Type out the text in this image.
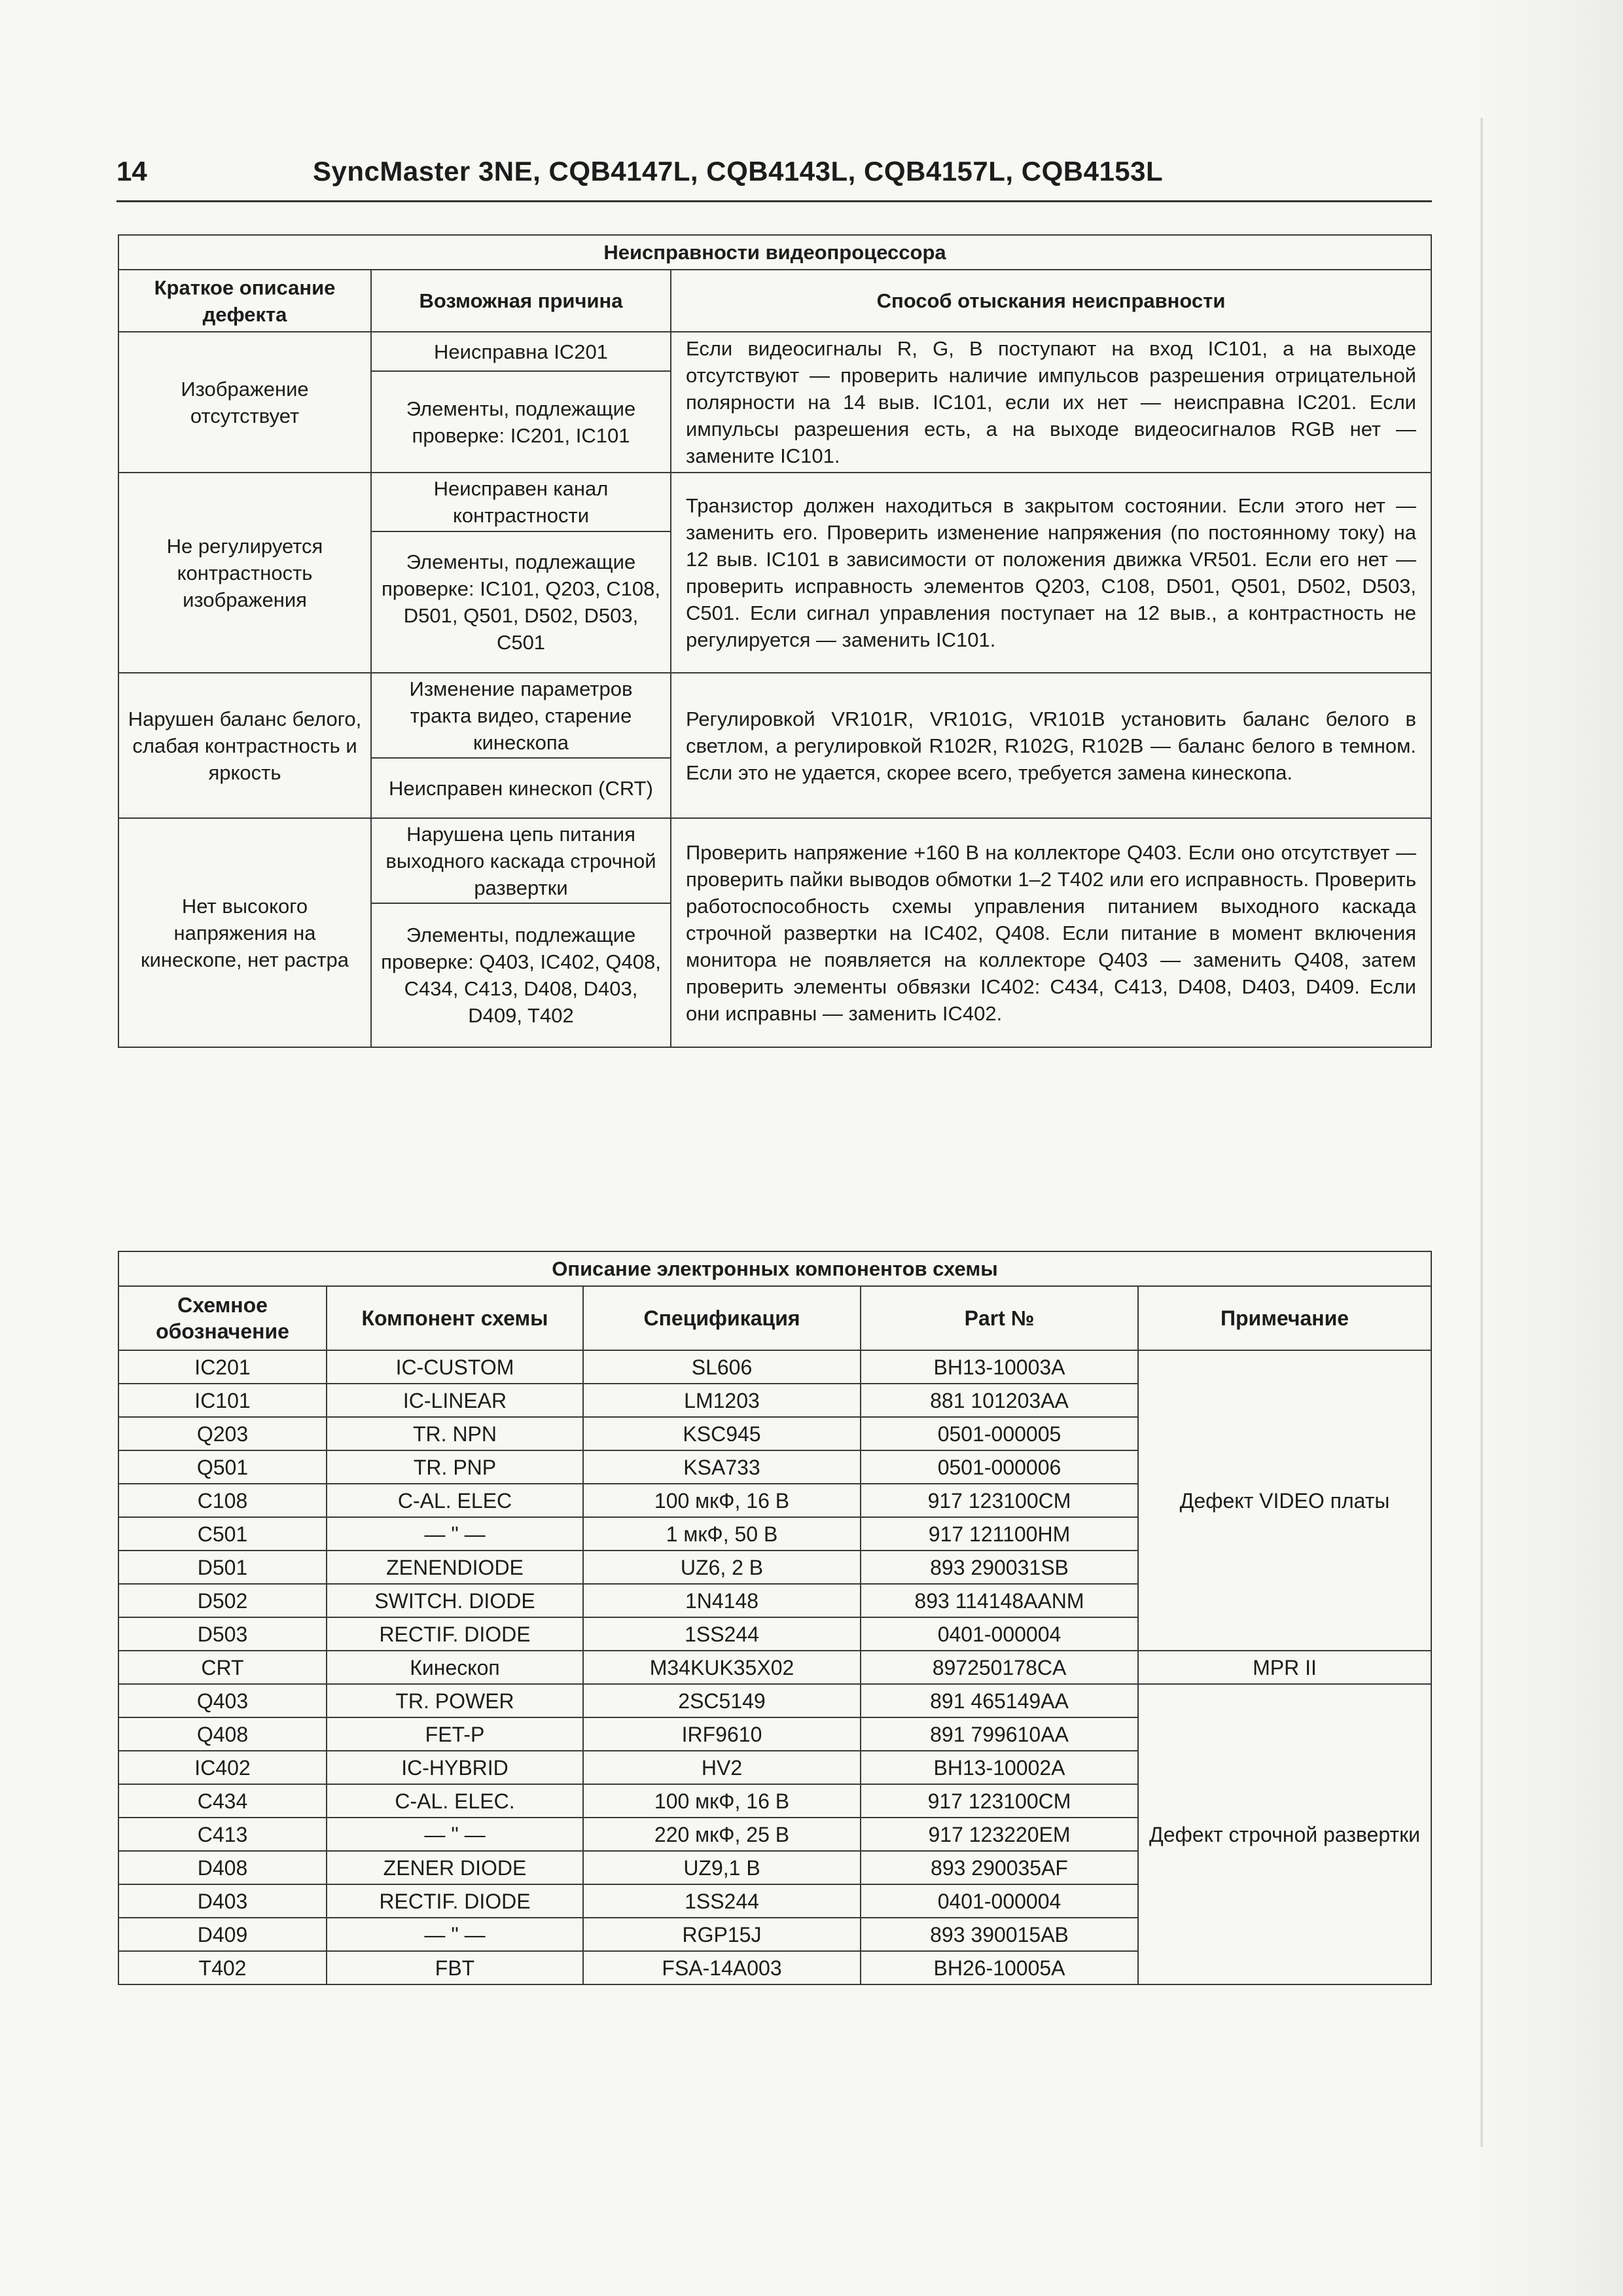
14	SyncMaster 3NE, CQB4147L, CQB4143L, CQB4157L, CQB4153L
Неисправности видеопроцессора		
Краткое описание дефекта	Возможная причина	Способ отыскания неисправности
Изображение отсутствует	Неисправна IC201	Если видеосигналы R, G, B поступают на вход IC101, а на выходе отсутствуют — проверить наличие импульсов разрешения отрицательной полярности на 14 выв. IC101, если их нет — неисправна IC201. Если импульсы разрешения есть, а на выходе видеосигналов RGB нет — замените IC101.
	Элементы, подлежащие проверке: IC201, IC101	
Не регулируется контрастность изображения	Неисправен канал контрастности	Транзистор должен находиться в закрытом состоянии. Если этого нет — заменить его. Проверить изменение напряжения (по постоянному току) на 12 выв. IC101 в зависимости от положения движка VR501. Если его нет — проверить исправность элементов Q203, C108, D501, Q501, D502, D503, C501. Если сигнал управления поступает на 12 выв., а контрастность не регулируется — заменить IC101.
	Элементы, подлежащие проверке: IC101, Q203, C108, D501, Q501, D502, D503, C501	
Нарушен баланс белого, слабая контрастность и яркость	Изменение параметров тракта видео, старение кинескопа	Регулировкой VR101R, VR101G, VR101B установить баланс белого в светлом, а регулировкой R102R, R102G, R102B — баланс белого в темном. Если это не удается, скорее всего, требуется замена кинескопа.
	Неисправен кинескоп (CRT)	
Нет высокого напряжения на кинескопе, нет растра	Нарушена цепь питания выходного каскада строчной развертки	Проверить напряжение +160 В на коллекторе Q403. Если оно отсутствует — проверить пайки выводов обмотки 1–2 T402 или его исправность. Проверить работоспособность схемы управления питанием выходного каскада строчной развертки на IC402, Q408. Если питание в момент включения монитора не появляется на коллекторе Q403 — заменить Q408, затем проверить элементы обвязки IC402: C434, C413, D408, D403, D409. Если они исправны — заменить IC402.
	Элементы, подлежащие проверке: Q403, IC402, Q408, C434, C413, D408, D403, D409, T402	
Описание электронных компонентов схемы				
Схемное обозначение	Компонент схемы	Спецификация	Part №	Примечание
IC201	IC-CUSTOM	SL606	BH13-10003A	Дефект VIDEO платы
IC101	IC-LINEAR	LM1203	881 101203AA	
Q203	TR. NPN	KSC945	0501-000005	
Q501	TR. PNP	KSA733	0501-000006	
C108	C-AL. ELEC	100 мкФ, 16 В	917 123100CM	
C501	— " —	1 мкФ, 50 В	917 121100HM	
D501	ZENENDIODE	UZ6, 2 В	893 290031SB	
D502	SWITCH. DIODE	1N4148	893 114148AANM	
D503	RECTIF. DIODE	1SS244	0401-000004	
CRT	Кинескоп	M34KUK35X02	897250178CA	MPR II
Q403	TR. POWER	2SC5149	891 465149AA	Дефект строчной развертки
Q408	FET-P	IRF9610	891 799610AA	
IC402	IC-HYBRID	HV2	BH13-10002A	
C434	C-AL. ELEC.	100 мкФ, 16 В	917 123100CM	
C413	— " —	220 мкФ, 25 В	917 123220EM	
D408	ZENER DIODE	UZ9,1 В	893 290035AF	
D403	RECTIF. DIODE	1SS244	0401-000004	
D409	— " —	RGP15J	893 390015AB	
T402	FBT	FSA-14A003	BH26-10005A	
